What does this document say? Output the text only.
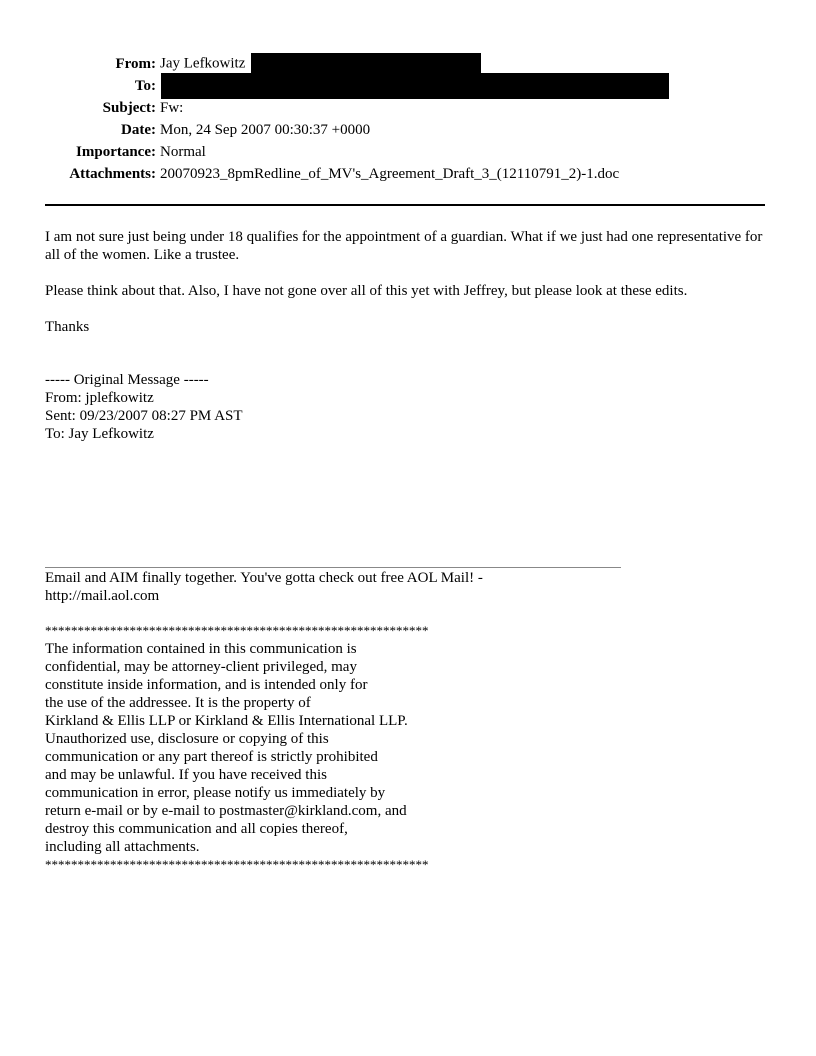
From: Jay Lefkowitz
To:
Subject: Fw:
Date: Mon, 24 Sep 2007 00:30:37 +0000
Importance: Normal
Attachments: 20070923_8pmRedline_of_MV's_Agreement_Draft_3_(12110791_2)-1.doc

I am not sure just being under 18 qualifies for the appointment of a guardian. What if we just had one representative for all of the women. Like a trustee.

Please think about that. Also, I have not gone over all of this yet with Jeffrey, but please look at these edits.

Thanks

----- Original Message -----
From: jplefkowitz
Sent: 09/23/2007 08:27 PM AST
To: Jay Lefkowitz
Email and AIM finally together. You've gotta check out free AOL Mail! -
http://mail.aol.com
***********************************************************
The information contained in this communication is
confidential, may be attorney-client privileged, may
constitute inside information, and is intended only for
the use of the addressee. It is the property of
Kirkland & Ellis LLP or Kirkland & Ellis International LLP.
Unauthorized use, disclosure or copying of this
communication or any part thereof is strictly prohibited
and may be unlawful. If you have received this
communication in error, please notify us immediately by
return e-mail or by e-mail to postmaster@kirkland.com, and
destroy this communication and all copies thereof,
including all attachments.
***********************************************************
